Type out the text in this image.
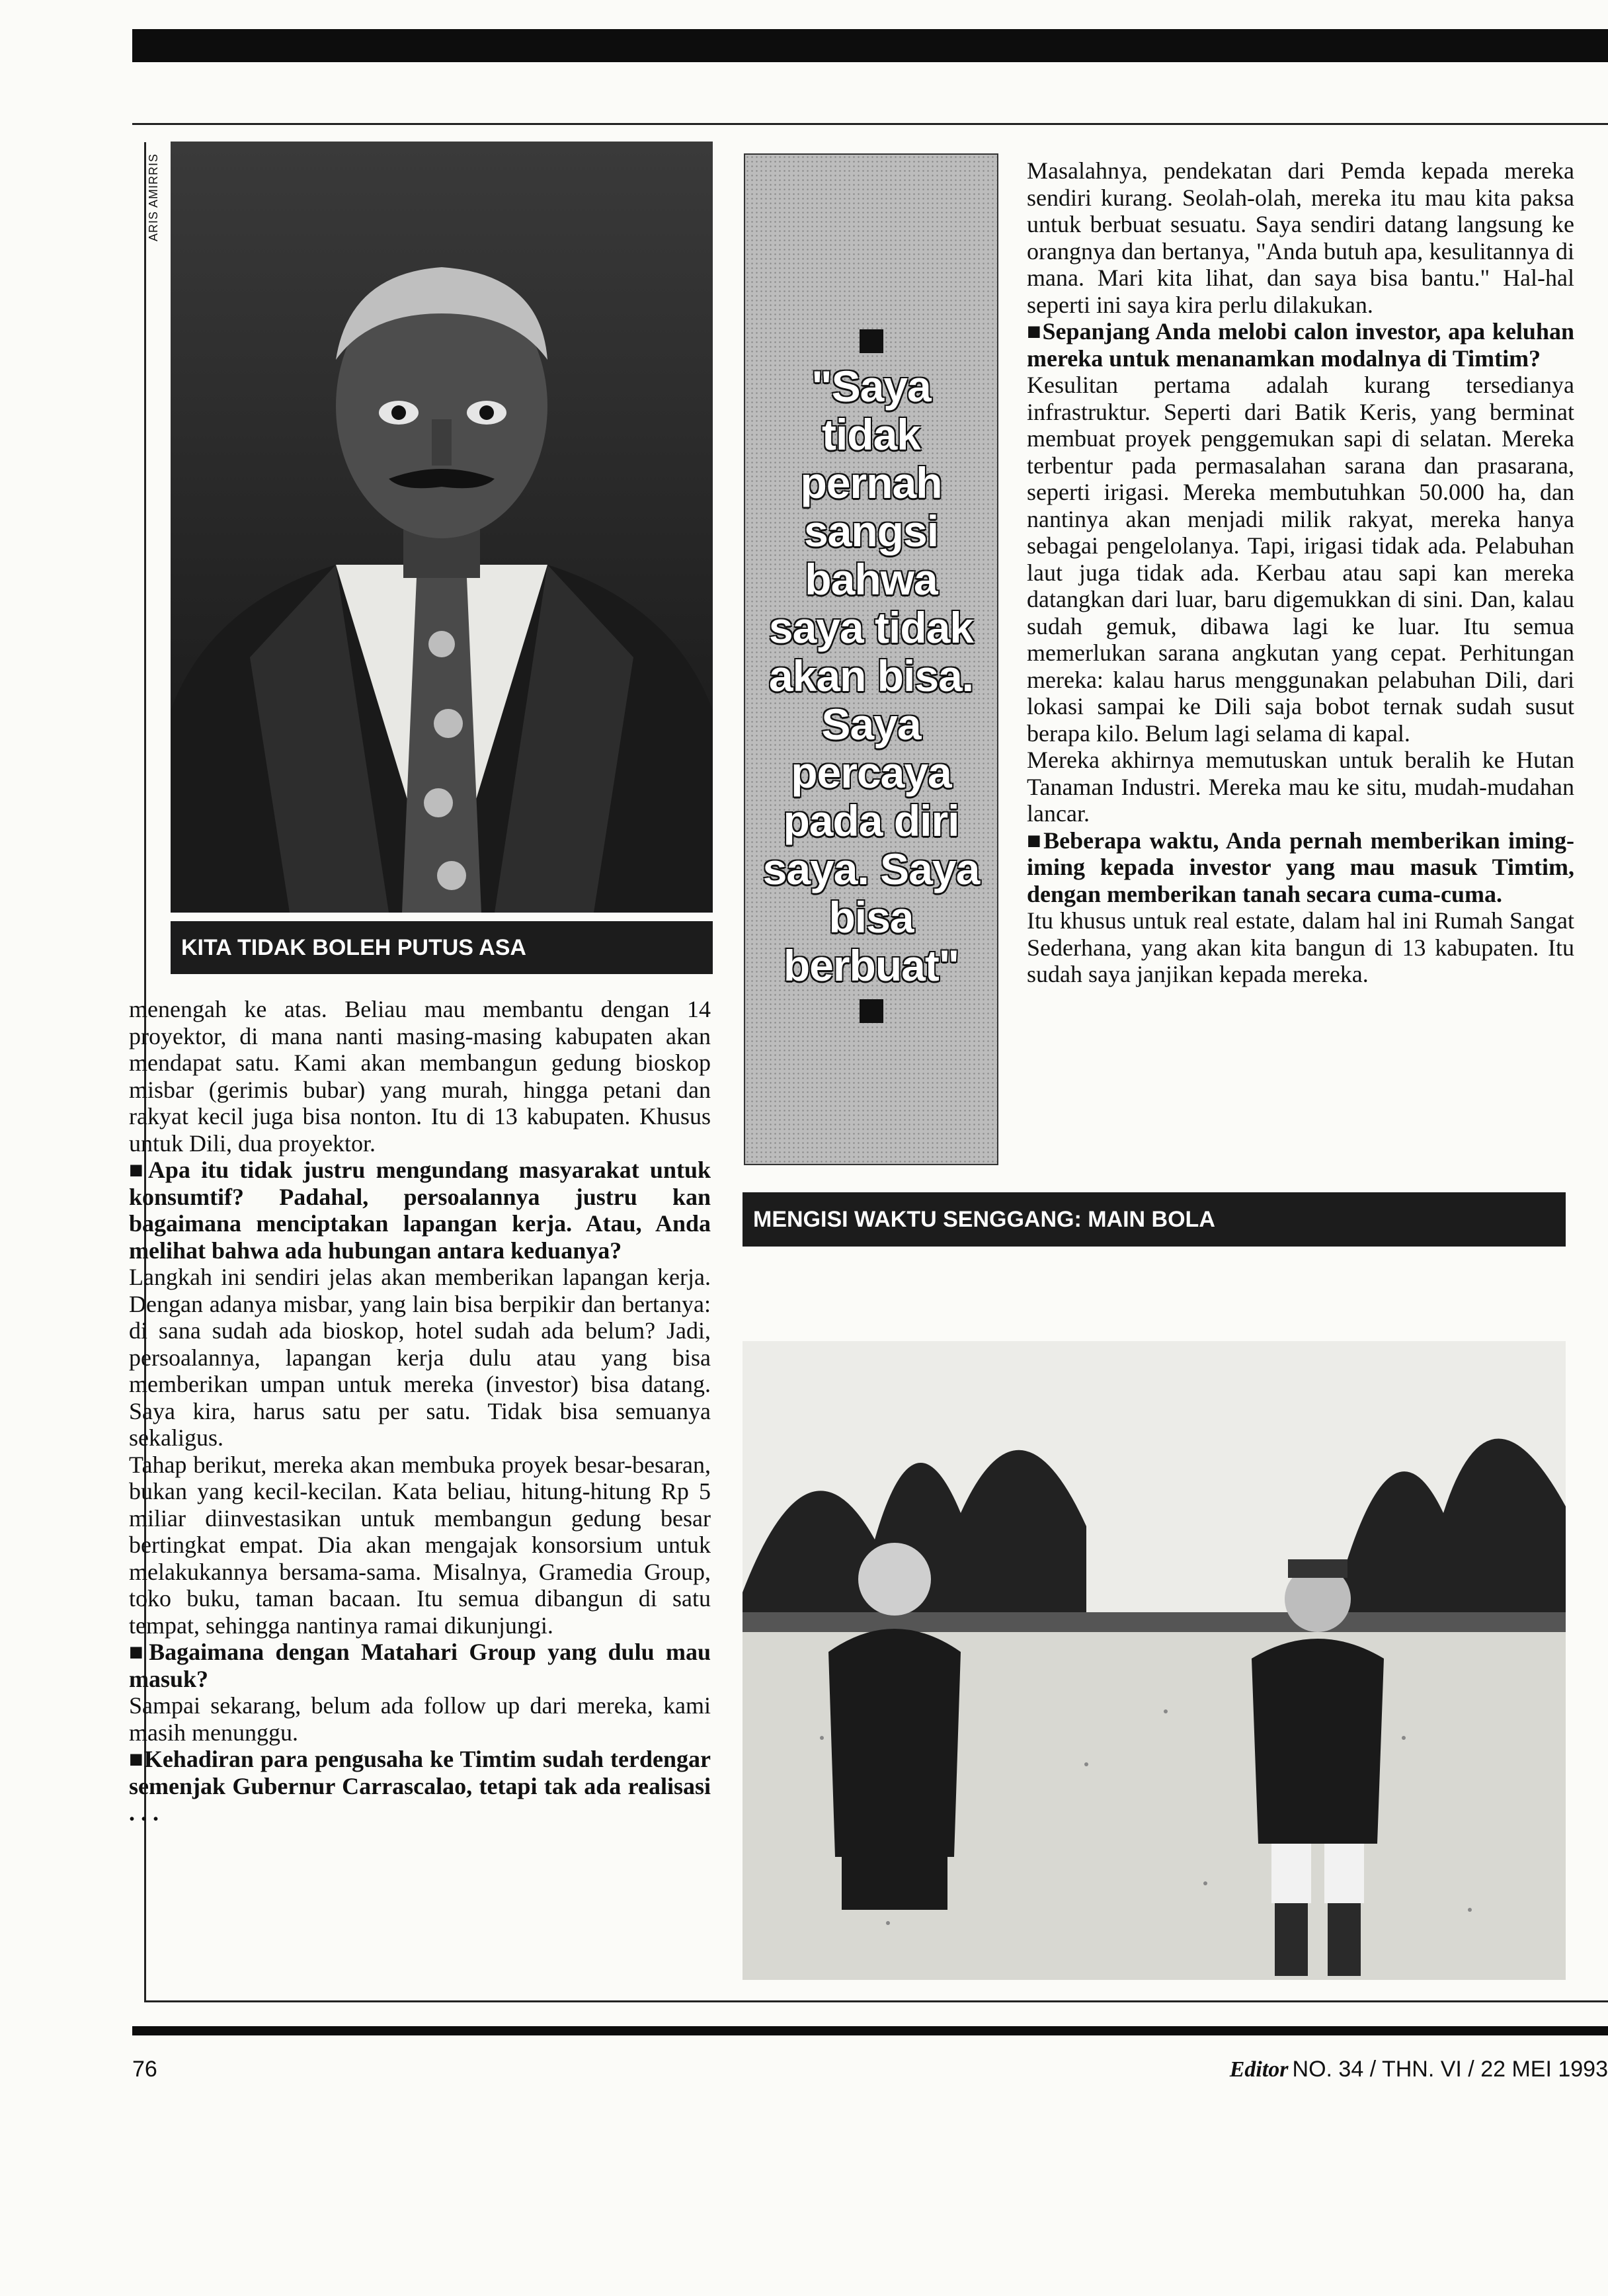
ARIS AMIRRIS
KITA TIDAK BOLEH PUTUS ASA
"Saya tidak pernah sangsi bahwa saya tidak akan bisa. Saya percaya pada diri saya. Saya bisa berbuat"

menengah ke atas. Beliau mau membantu dengan 14 proyektor, di mana nanti masing-masing kabupaten akan mendapat satu. Kami akan membangun gedung bioskop misbar (gerimis bubar) yang murah, hingga petani dan rakyat kecil juga bisa nonton. Itu di 13 kabupaten. Khusus untuk Dili, dua proyektor.

■ Apa itu tidak justru mengundang masyarakat untuk konsumtif? Padahal, persoalannya justru kan bagaimana menciptakan lapangan kerja. Atau, Anda melihat bahwa ada hubungan antara keduanya?

Langkah ini sendiri jelas akan memberikan lapangan kerja. Dengan adanya misbar, yang lain bisa berpikir dan bertanya: di sana sudah ada bioskop, hotel sudah ada belum? Jadi, persoalannya, lapangan kerja dulu atau yang bisa memberikan umpan untuk mereka (investor) bisa datang. Saya kira, harus satu per satu. Tidak bisa semuanya sekaligus.

Tahap berikut, mereka akan membuka proyek besar-besaran, bukan yang kecil-kecilan. Kata beliau, hitung-hitung Rp 5 miliar diinvestasikan untuk membangun gedung besar bertingkat empat. Dia akan mengajak konsorsium untuk melakukannya bersama-sama. Misalnya, Gramedia Group, toko buku, taman bacaan. Itu semua dibangun di satu tempat, sehingga nantinya ramai dikunjungi.

■ Bagaimana dengan Matahari Group yang dulu mau masuk?

Sampai sekarang, belum ada follow up dari mereka, kami masih menunggu.

■ Kehadiran para pengusaha ke Timtim sudah terdengar semenjak Gubernur Carrascalao, tetapi tak ada realisasi . . .

Masalahnya, pendekatan dari Pemda kepada mereka sendiri kurang. Seolah-olah, mereka itu mau kita paksa untuk berbuat sesuatu. Saya sendiri datang langsung ke orangnya dan bertanya, "Anda butuh apa, kesulitannya di mana. Mari kita lihat, dan saya bisa bantu." Hal-hal seperti ini saya kira perlu dilakukan.

■ Sepanjang Anda melobi calon investor, apa keluhan mereka untuk menanamkan modalnya di Timtim?

Kesulitan pertama adalah kurang tersedianya infrastruktur. Seperti dari Batik Keris, yang berminat membuat proyek penggemukan sapi di selatan. Mereka terbentur pada permasalahan sarana dan prasarana, seperti irigasi. Mereka membutuhkan 50.000 ha, dan nantinya akan menjadi milik rakyat, mereka hanya sebagai pengelolanya. Tapi, irigasi tidak ada. Pelabuhan laut juga tidak ada. Kerbau atau sapi kan mereka datangkan dari luar, baru digemukkan di sini. Dan, kalau sudah gemuk, dibawa lagi ke luar. Itu semua memerlukan sarana angkutan yang cepat. Perhitungan mereka: kalau harus menggunakan pelabuhan Dili, dari lokasi sampai ke Dili saja bobot ternak sudah susut berapa kilo. Belum lagi selama di kapal.

Mereka akhirnya memutuskan untuk beralih ke Hutan Tanaman Industri. Mereka mau ke situ, mudah-mudahan lancar.

■ Beberapa waktu, Anda pernah memberikan iming-iming kepada investor yang mau masuk Timtim, dengan memberikan tanah secara cuma-cuma.

Itu khusus untuk real estate, dalam hal ini Rumah Sangat Sederhana, yang akan kita bangun di 13 kabupaten. Itu sudah saya janjikan kepada mereka.

MENGISI WAKTU SENGGANG: MAIN BOLA
76	Editor NO. 34 / THN. VI / 22 MEI 1993
